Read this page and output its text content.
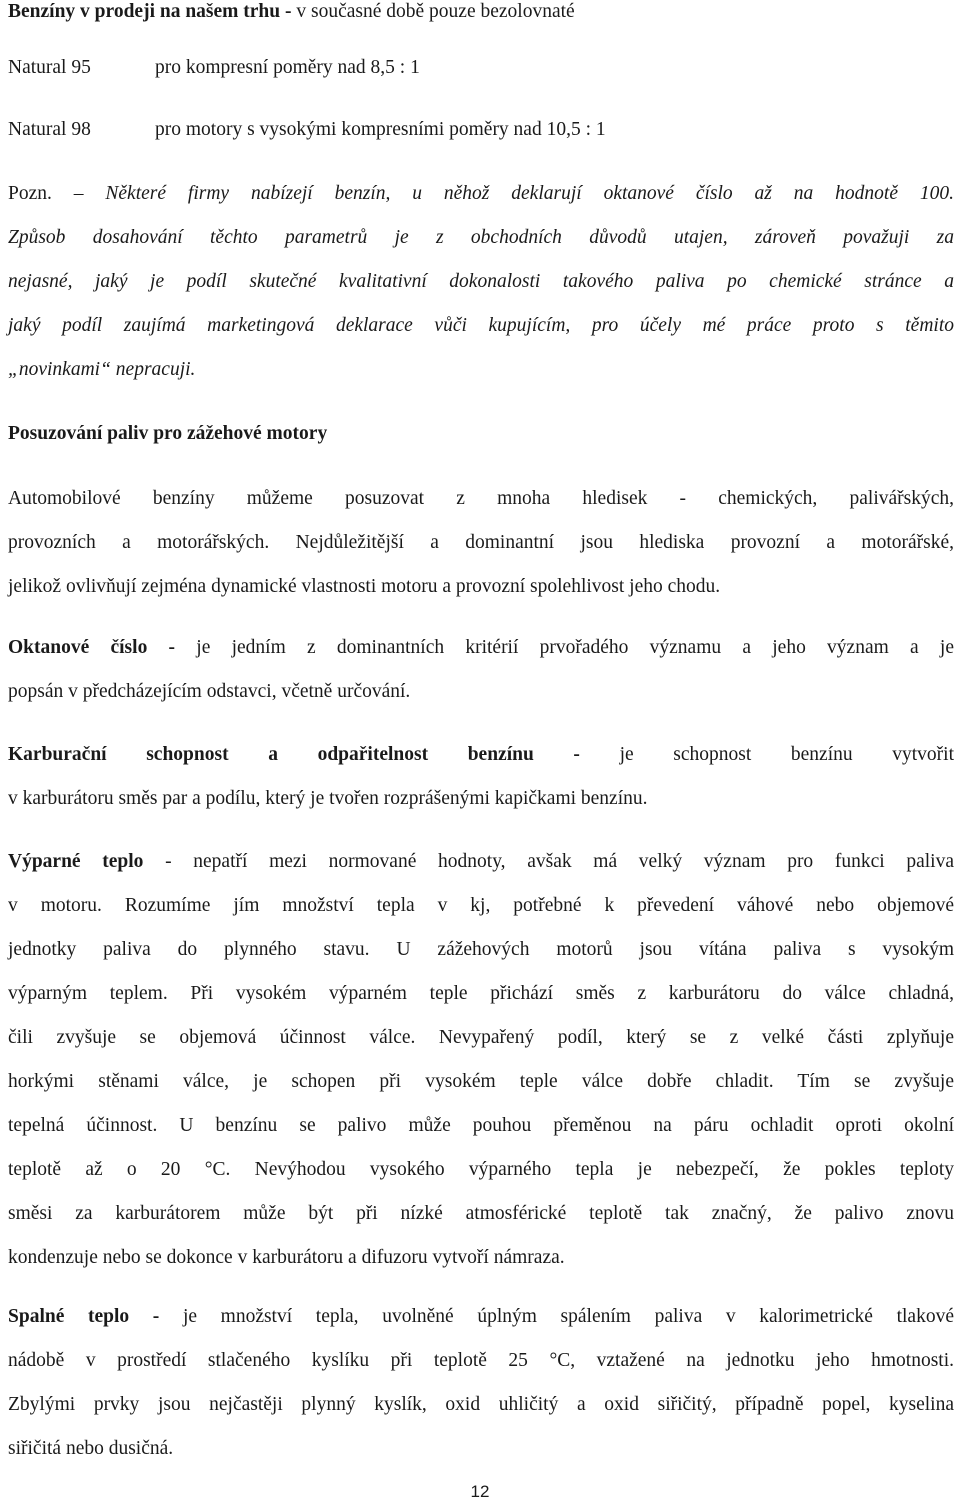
Benzíny v prodeji na našem trhu - v současné době pouze bezolovnaté
Natural 95	pro kompresní poměry nad 8,5 : 1
Natural 98	pro motory s vysokými kompresními poměry nad 10,5 : 1

Pozn. – Některé firmy nabízejí benzín, u něhož deklarují oktanové číslo až na hodnotě 100.

Způsob dosahování těchto parametrů je z obchodních důvodů utajen, zároveň považuji za

nejasné, jaký je podíl skutečné kvalitativní dokonalosti takového paliva po chemické stránce a

jaký podíl zaujímá marketingová deklarace vůči kupujícím, pro účely mé práce proto s těmito

„novinkami“ nepracuji.

Posuzování paliv pro zážehové motory

Automobilové benzíny můžeme posuzovat z mnoha hledisek - chemických, palivářských,

provozních a motorářských. Nejdůležitější a dominantní jsou hlediska provozní a motorářské,

jelikož ovlivňují zejména dynamické vlastnosti motoru a provozní spolehlivost jeho chodu.

Oktanové číslo - je jedním z dominantních kritérií prvořadého významu a jeho význam a je

popsán v předcházejícím odstavci, včetně určování.

Karburační schopnost a odpařitelnost benzínu - je schopnost benzínu vytvořit

v karburátoru směs par a podílu, který je tvořen rozprášenými kapičkami benzínu.

Výparné teplo - nepatří mezi normované hodnoty, avšak má velký význam pro funkci paliva

v motoru. Rozumíme jím množství tepla v kj, potřebné k převedení váhové nebo objemové

jednotky paliva do plynného stavu. U zážehových motorů jsou vítána paliva s vysokým

výparným teplem. Při vysokém výparném teple přichází směs z karburátoru do válce chladná,

čili zvyšuje se objemová účinnost válce. Nevypařený podíl, který se z velké části zplyňuje

horkými stěnami válce, je schopen při vysokém teple válce dobře chladit. Tím se zvyšuje

tepelná účinnost. U benzínu se palivo může pouhou přeměnou na páru ochladit oproti okolní

teplotě až o 20 °C. Nevýhodou vysokého výparného tepla je nebezpečí, že pokles teploty

směsi za karburátorem může být při nízké atmosférické teplotě tak značný, že palivo znovu

kondenzuje nebo se dokonce v karburátoru a difuzoru vytvoří námraza.

Spalné teplo - je množství tepla, uvolněné úplným spálením paliva v kalorimetrické tlakové

nádobě v prostředí stlačeného kyslíku při teplotě 25 °C, vztažené na jednotku jeho hmotnosti.

Zbylými prvky jsou nejčastěji plynný kyslík, oxid uhličitý a oxid siřičitý, případně popel, kyselina

siřičitá nebo dusičná.

12
